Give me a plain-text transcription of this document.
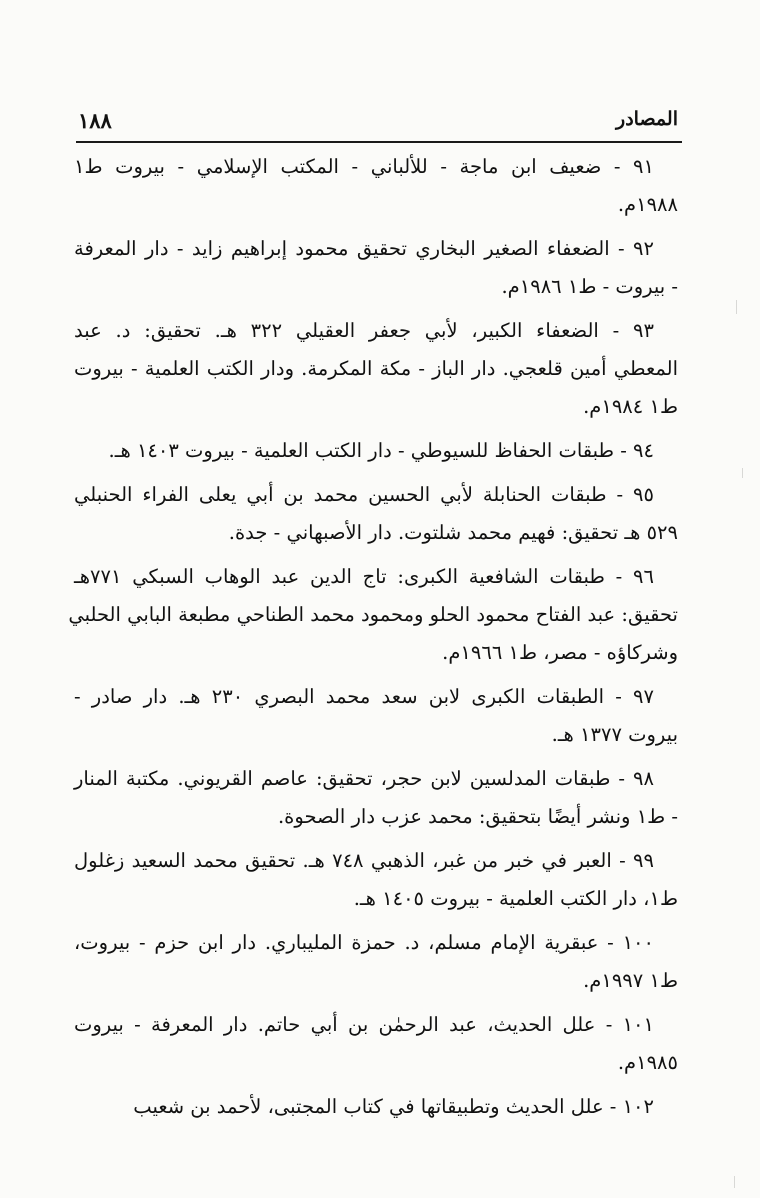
المصادر
١٨٨
٩١ - ضعيف ابن ماجة - للألباني - المكتب الإسلامي - بيروت ط١
١٩٨٨م.
٩٢ - الضعفاء الصغير البخاري تحقيق محمود إبراهيم زايد - دار المعرفة
- بيروت - ط١ ١٩٨٦م.
٩٣ - الضعفاء الكبير، لأبي جعفر العقيلي ٣٢٢ هـ. تحقيق: د. عبد
المعطي أمين قلعجي. دار الباز - مكة المكرمة. ودار الكتب العلمية - بيروت
ط١ ١٩٨٤م.
٩٤ - طبقات الحفاظ للسيوطي - دار الكتب العلمية - بيروت ١٤٠٣ هـ.
٩٥ - طبقات الحنابلة لأبي الحسين محمد بن أبي يعلى الفراء الحنبلي
٥٢٩ هـ تحقيق: فهيم محمد شلتوت. دار الأصبهاني - جدة.
٩٦ - طبقات الشافعية الكبرى: تاج الدين عبد الوهاب السبكي ٧٧١هـ
تحقيق: عبد الفتاح محمود الحلو ومحمود محمد الطناحي مطبعة البابي الحلبي
وشركاؤه - مصر، ط١ ١٩٦٦م.
٩٧ - الطبقات الكبرى لابن سعد محمد البصري ٢٣٠ هـ. دار صادر -
بيروت ١٣٧٧ هـ.
٩٨ - طبقات المدلسين لابن حجر، تحقيق: عاصم القريوني. مكتبة المنار
- ط١ ونشر أيضًا بتحقيق: محمد عزب دار الصحوة.
٩٩ - العبر في خبر من غبر، الذهبي ٧٤٨ هـ. تحقيق محمد السعيد زغلول
ط١، دار الكتب العلمية - بيروت ١٤٠٥ هـ.
١٠٠ - عبقرية الإمام مسلم، د. حمزة المليباري. دار ابن حزم - بيروت،
ط١ ١٩٩٧م.
١٠١ - علل الحديث، عبد الرحمٰن بن أبي حاتم. دار المعرفة - بيروت
١٩٨٥م.
١٠٢ - علل الحديث وتطبيقاتها في كتاب المجتبى، لأحمد بن شعيب
